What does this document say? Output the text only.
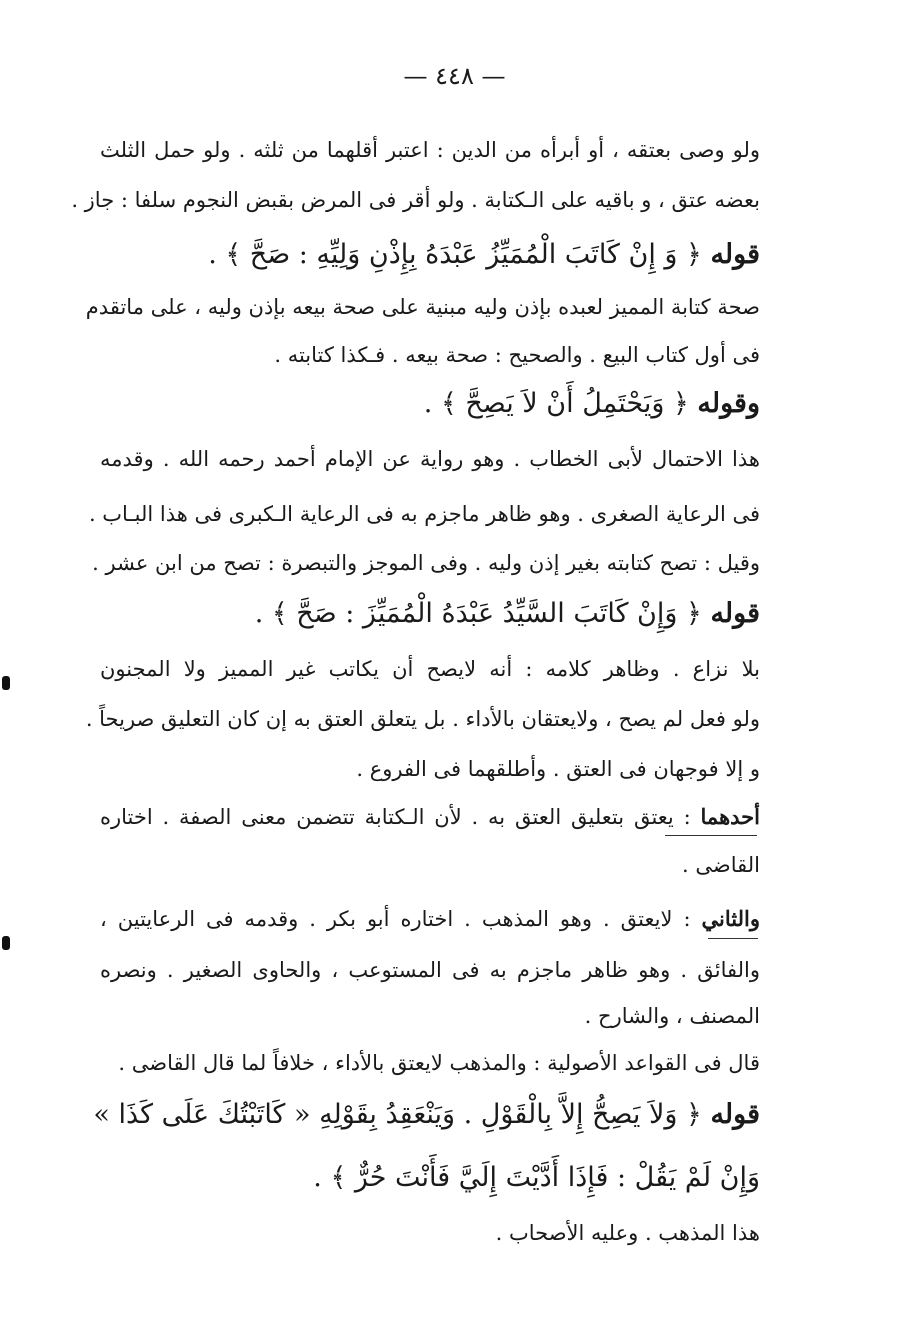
— ٤٤٨ —
ولو وصى بعتقه ، أو أبرأه من الدين : اعتبر أقلهما من ثلثه . ولو حمل الثلث
بعضه عتق ، و باقيه على الـكتابة . ولو أقر فى المرض بقبض النجوم سلفا : جاز .
قوله ﴿ وَ إِنْ كَاتَبَ الْمُمَيِّزُ عَبْدَهُ بِإِذْنِ وَلِيِّهِ : صَحَّ ﴾ .
صحة كتابة المميز لعبده بإذن وليه مبنية على صحة بيعه بإذن وليه ، على ماتقدم
فى أول كتاب البيع . والصحيح : صحة بيعه . فـكذا كتابته .
وقوله ﴿ وَيَحْتَمِلُ أَنْ لاَ يَصِحَّ ﴾ .
هذا الاحتمال لأبى الخطاب . وهو رواية عن الإمام أحمد رحمه الله . وقدمه
فى الرعاية الصغرى . وهو ظاهر ماجزم به فى الرعاية الـكبرى فى هذا البـاب .
وقيل : تصح كتابته بغير إذن وليه . وفى الموجز والتبصرة : تصح من ابن عشر .
قوله ﴿ وَإِنْ كَاتَبَ السَّيِّدُ عَبْدَهُ الْمُمَيِّزَ : صَحَّ ﴾ .
بلا نزاع . وظاهر كلامه : أنه لايصح أن يكاتب غير المميز ولا المجنون
ولو فعل لم يصح ، ولايعتقان بالأداء . بل يتعلق العتق به إن كان التعليق صريحاً .
و إلا فوجهان فى العتق . وأطلقهما فى الفروع .
أحدهما : يعتق بتعليق العتق به . لأن الـكتابة تتضمن معنى الصفة . اختاره
القاضى .
والثاني : لايعتق . وهو المذهب . اختاره أبو بكر . وقدمه فى الرعايتين ،
والفائق . وهو ظاهر ماجزم به فى المستوعب ، والحاوى الصغير . ونصره
المصنف ، والشارح .
قال فى القواعد الأصولية : والمذهب لايعتق بالأداء ، خلافاً لما قال القاضى .
قوله ﴿ وَلاَ يَصِحُّ إِلاَّ بِالْقَوْلِ . وَيَنْعَقِدُ بِقَوْلِهِ « كَاتَبْتُكَ عَلَى كَذَا »
وَإِنْ لَمْ يَقُلْ : فَإِذَا أَدَّيْتَ إِلَيَّ فَأَنْتَ حُرٌّ ﴾ .
هذا المذهب . وعليه الأصحاب .
